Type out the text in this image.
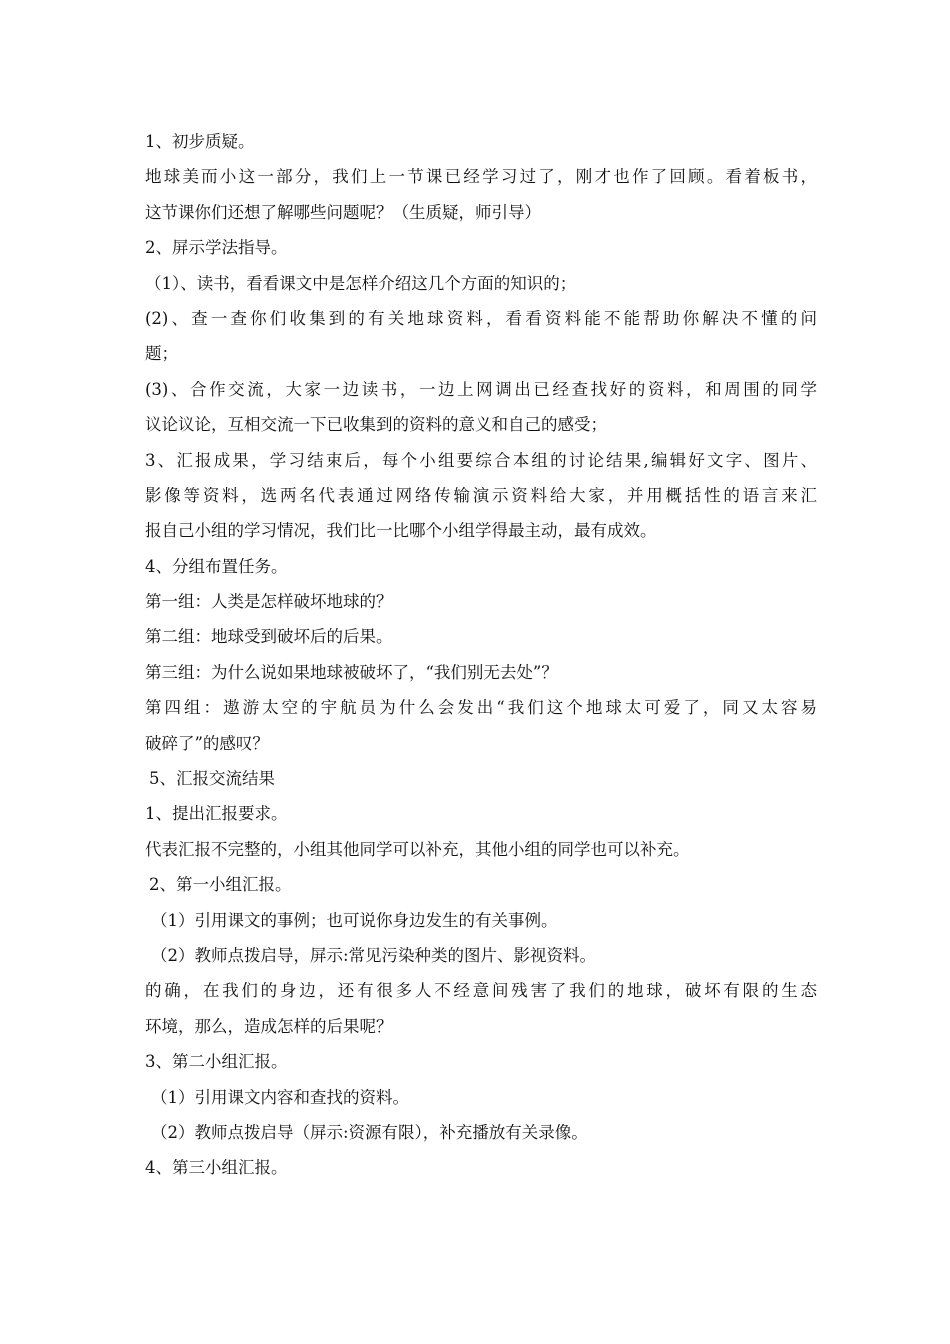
1、初步质疑。
地球美而小这一部分，我们上一节课已经学习过了，刚才也作了回顾。看着板书，
这节课你们还想了解哪些问题呢？（生质疑，师引导）
2、屏示学法指导。
（1）、读书，看看课文中是怎样介绍这几个方面的知识的；
(2)、查一查你们收集到的有关地球资料，看看资料能不能帮助你解决不懂的问
题；
(3)、合作交流，大家一边读书，一边上网调出已经查找好的资料，和周围的同学
议论议论，互相交流一下已收集到的资料的意义和自己的感受；
3、汇报成果，学习结束后，每个小组要综合本组的讨论结果,编辑好文字、图片、
影像等资料，选两名代表通过网络传输演示资料给大家，并用概括性的语言来汇
报自己小组的学习情况，我们比一比哪个小组学得最主动，最有成效。
4、分组布置任务。
第一组：人类是怎样破坏地球的？
第二组：地球受到破坏后的后果。
第三组：为什么说如果地球被破坏了，“我们别无去处”？
第四组：遨游太空的宇航员为什么会发出“我们这个地球太可爱了，同又太容易
破碎了”的感叹？
5、汇报交流结果
1、提出汇报要求。
代表汇报不完整的，小组其他同学可以补充，其他小组的同学也可以补充。
2、第一小组汇报。
（1）引用课文的事例；也可说你身边发生的有关事例。
（2）教师点拨启导，屏示:常见污染种类的图片、影视资料。
的确，在我们的身边，还有很多人不经意间残害了我们的地球，破坏有限的生态
环境，那么，造成怎样的后果呢？
3、第二小组汇报。
（1）引用课文内容和查找的资料。
（2）教师点拨启导（屏示:资源有限），补充播放有关录像。
4、第三小组汇报。
